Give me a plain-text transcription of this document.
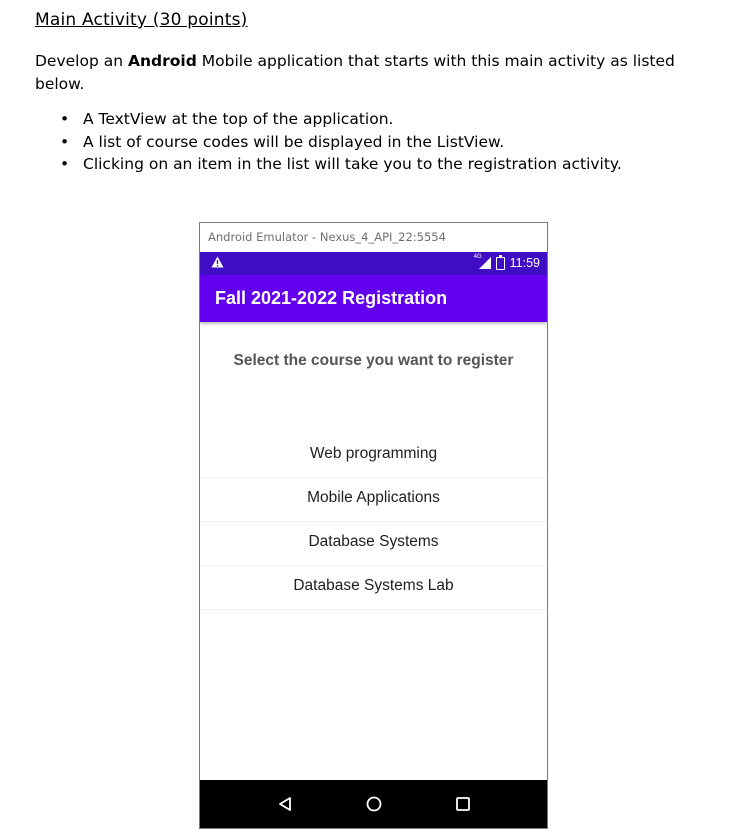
Main Activity (30 points)
Develop an Android Mobile application that starts with this main activity as listed below.
• A TextView at the top of the application.
• A list of course codes will be displayed in the ListView.
• Clicking on an item in the list will take you to the registration activity.
Android Emulator - Nexus_4_API_22:5554
4G 11:59
Fall 2021-2022 Registration
Select the course you want to register
Web programming
Mobile Applications
Database Systems
Database Systems Lab
